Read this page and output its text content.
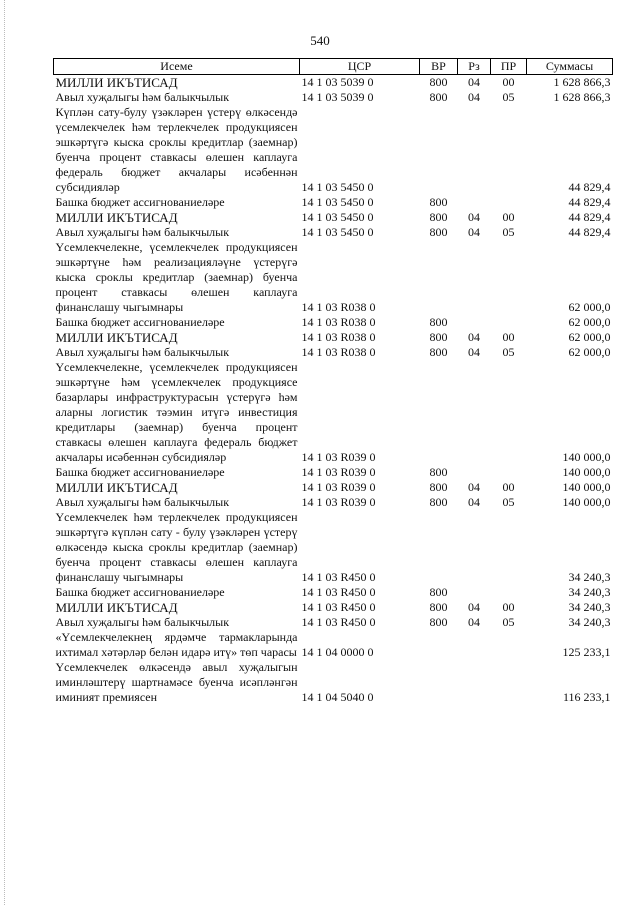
540
Исеме	ЦСР	ВР	Рз	ПР	Суммасы
МИЛЛИ ИКЪТИСАД	14 1 03 5039 0	800	04	00	1 628 866,3
Авыл хуҗалыгы һәм балыкчылык	14 1 03 5039 0	800	04	05	1 628 866,3
Күплән сату-булу үзәкләрен үстерү өлкәсендә үсемлекчелек һәм терлекчелек продукциясен эшкәртүгә кыска сроклы кредитлар (заемнар) буенча процент ставкасы өлешен каплауга федераль бюджет акчалары исәбеннән субсидияләр	14 1 03 5450 0				44 829,4
Башка бюджет ассигнованиеләре	14 1 03 5450 0	800			44 829,4
МИЛЛИ ИКЪТИСАД	14 1 03 5450 0	800	04	00	44 829,4
Авыл хуҗалыгы һәм балыкчылык	14 1 03 5450 0	800	04	05	44 829,4
Үсемлекчелекне, үсемлекчелек продукциясен эшкәртүне һәм реализацияләүне үстерүгә кыска сроклы кредитлар (заемнар) буенча процент ставкасы өлешен каплауга финанслашу чыгымнары	14 1 03 R038 0				62 000,0
Башка бюджет ассигнованиеләре	14 1 03 R038 0	800			62 000,0
МИЛЛИ ИКЪТИСАД	14 1 03 R038 0	800	04	00	62 000,0
Авыл хуҗалыгы һәм балыкчылык	14 1 03 R038 0	800	04	05	62 000,0
Үсемлекчелекне, үсемлекчелек продукциясен эшкәртүне һәм үсемлекчелек продукциясе базарлары инфраструктурасын үстерүгә һәм аларны логистик тәэмин итүгә инвестиция кредитлары (заемнар) буенча процент ставкасы өлешен каплауга федераль бюджет акчалары исәбеннән субсидияләр	14 1 03 R039 0				140 000,0
Башка бюджет ассигнованиеләре	14 1 03 R039 0	800			140 000,0
МИЛЛИ ИКЪТИСАД	14 1 03 R039 0	800	04	00	140 000,0
Авыл хуҗалыгы һәм балыкчылык	14 1 03 R039 0	800	04	05	140 000,0
Үсемлекчелек һәм терлекчелек продукциясен эшкәртүгә күплән сату - булу үзәкләрен үстерү өлкәсендә кыска сроклы кредитлар (заемнар) буенча процент ставкасы өлешен каплауга финанслашу чыгымнары	14 1 03 R450 0				34 240,3
Башка бюджет ассигнованиеләре	14 1 03 R450 0	800			34 240,3
МИЛЛИ ИКЪТИСАД	14 1 03 R450 0	800	04	00	34 240,3
Авыл хуҗалыгы һәм балыкчылык	14 1 03 R450 0	800	04	05	34 240,3
«Үсемлекчелекнең ярдәмче тармакларында ихтимал хәтәрләр белән идарә итү» төп чарасы	14 1 04 0000 0				125 233,1
Үсемлекчелек өлкәсендә авыл хуҗалыгын иминләштерү шартнамәсе буенча исәпләнгән иминият премиясен	14 1 04 5040 0				116 233,1
